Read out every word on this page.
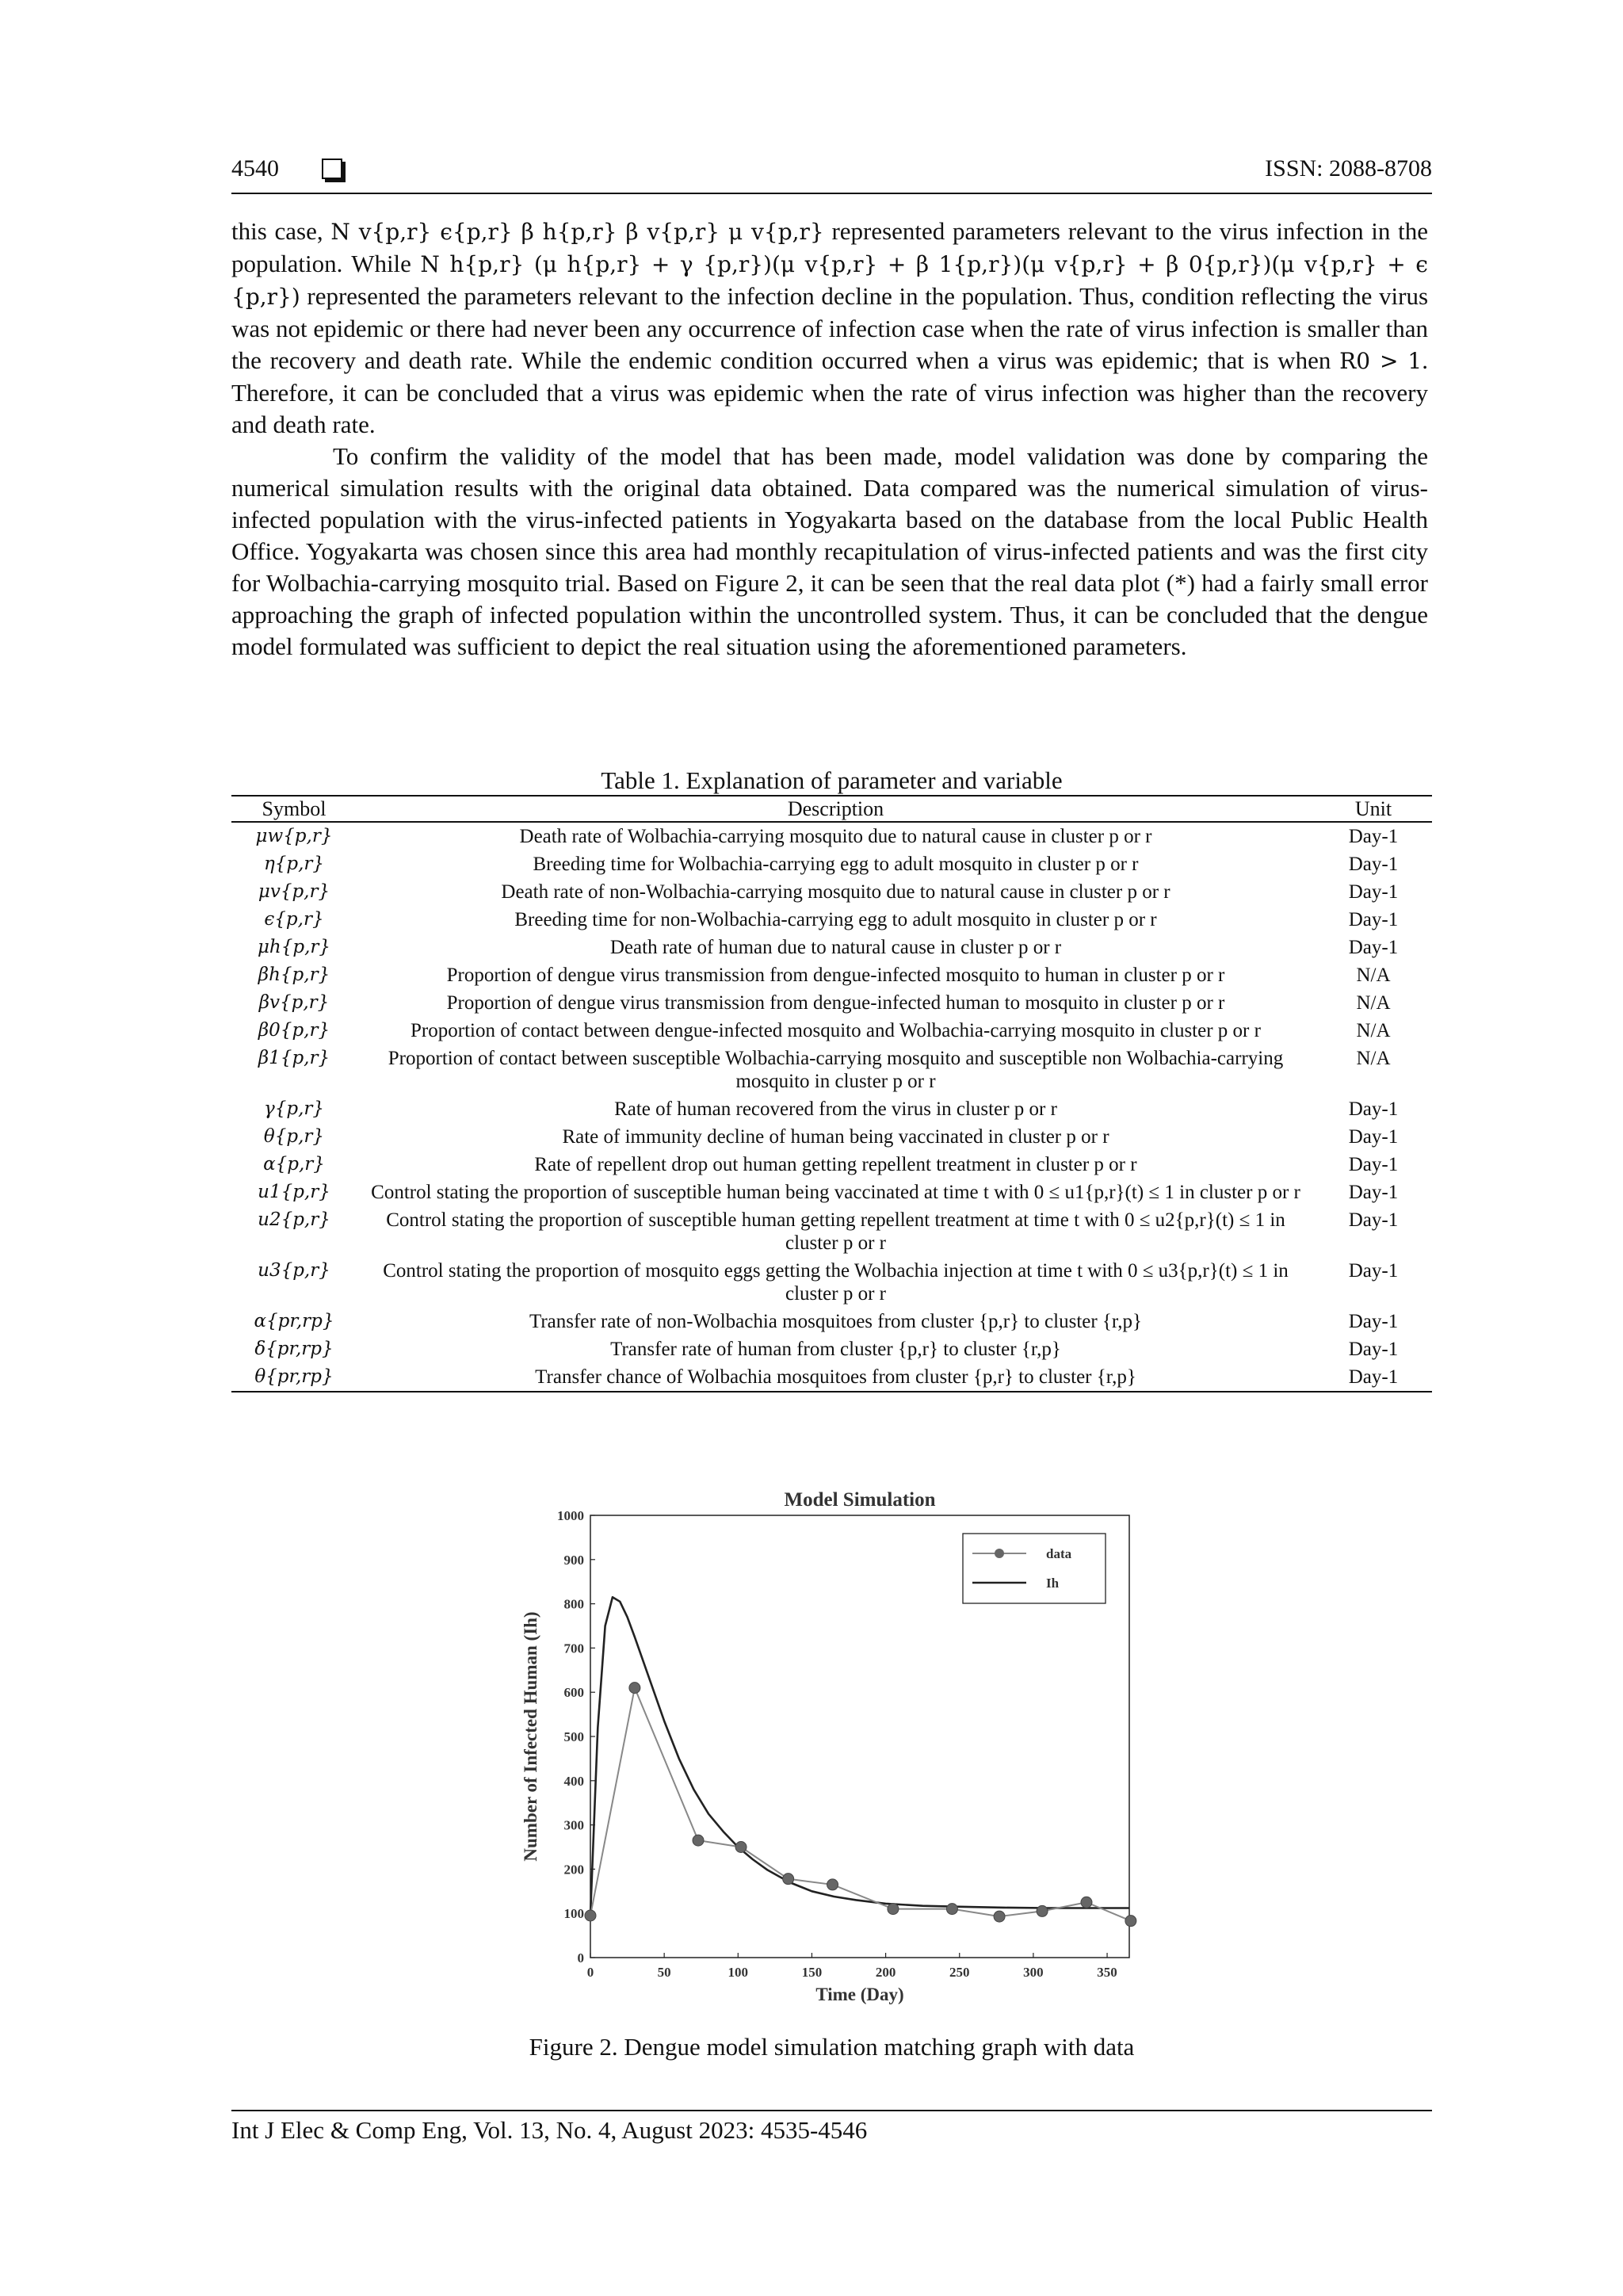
4540	ISSN: 2088-8708

this case, N v{p,r} ϵ{p,r} β h{p,r} β v{p,r} μ v{p,r} represented parameters relevant to the virus infection in the population. While N h{p,r} (μ h{p,r} + γ {p,r})(μ v{p,r} + β 1{p,r})(μ v{p,r} + β 0{p,r})(μ v{p,r} + ϵ {p,r}) represented the parameters relevant to the infection decline in the population. Thus, condition reflecting the virus was not epidemic or there had never been any occurrence of infection case when the rate of virus infection is smaller than the recovery and death rate. While the endemic condition occurred when a virus was epidemic; that is when R0 > 1. Therefore, it can be concluded that a virus was epidemic when the rate of virus infection was higher than the recovery and death rate.

To confirm the validity of the model that has been made, model validation was done by comparing the numerical simulation results with the original data obtained. Data compared was the numerical simulation of virus-infected population with the virus-infected patients in Yogyakarta based on the database from the local Public Health Office. Yogyakarta was chosen since this area had monthly recapitulation of virus-infected patients and was the first city for Wolbachia-carrying mosquito trial. Based on Figure 2, it can be seen that the real data plot (*) had a fairly small error approaching the graph of infected population within the uncontrolled system. Thus, it can be concluded that the dengue model formulated was sufficient to depict the real situation using the aforementioned parameters.

Table 1. Explanation of parameter and variable
Symbol	Description	Unit
μw{p,r}	Death rate of Wolbachia-carrying mosquito due to natural cause in cluster p or r	Day-1
η{p,r}	Breeding time for Wolbachia-carrying egg to adult mosquito in cluster p or r	Day-1
μv{p,r}	Death rate of non-Wolbachia-carrying mosquito due to natural cause in cluster p or r	Day-1
ϵ{p,r}	Breeding time for non-Wolbachia-carrying egg to adult mosquito in cluster p or r	Day-1
μh{p,r}	Death rate of human due to natural cause in cluster p or r	Day-1
βh{p,r}	Proportion of dengue virus transmission from dengue-infected mosquito to human in cluster p or r	N/A
βv{p,r}	Proportion of dengue virus transmission from dengue-infected human to mosquito in cluster p or r	N/A
β0{p,r}	Proportion of contact between dengue-infected mosquito and Wolbachia-carrying mosquito in cluster p or r	N/A
β1{p,r}	Proportion of contact between susceptible Wolbachia-carrying mosquito and susceptible non Wolbachia-carrying mosquito in cluster p or r	N/A
γ{p,r}	Rate of human recovered from the virus in cluster p or r	Day-1
θ{p,r}	Rate of immunity decline of human being vaccinated in cluster p or r	Day-1
α{p,r}	Rate of repellent drop out human getting repellent treatment in cluster p or r	Day-1
u1{p,r}	Control stating the proportion of susceptible human being vaccinated at time t with 0 ≤ u1{p,r}(t) ≤ 1 in cluster p or r	Day-1
u2{p,r}	Control stating the proportion of susceptible human getting repellent treatment at time t with 0 ≤ u2{p,r}(t) ≤ 1 in cluster p or r	Day-1
u3{p,r}	Control stating the proportion of mosquito eggs getting the Wolbachia injection at time t with 0 ≤ u3{p,r}(t) ≤ 1 in cluster p or r	Day-1
α{pr,rp}	Transfer rate of non-Wolbachia mosquitoes from cluster {p,r} to cluster {r,p}	Day-1
δ{pr,rp}	Transfer rate of human from cluster {p,r} to cluster {r,p}	Day-1
θ{pr,rp}	Transfer chance of Wolbachia mosquitoes from cluster {p,r} to cluster {r,p}	Day-1
Model Simulation
0
100
200
300
400
500
600
700
800
900
1000
0	50	100	150	200	250	300	350
Time (Day)
Number of Infected Human (Ih)
data
Ih
Figure 2. Dengue model simulation matching graph with data
Int J Elec & Comp Eng, Vol. 13, No. 4, August 2023: 4535-4546
